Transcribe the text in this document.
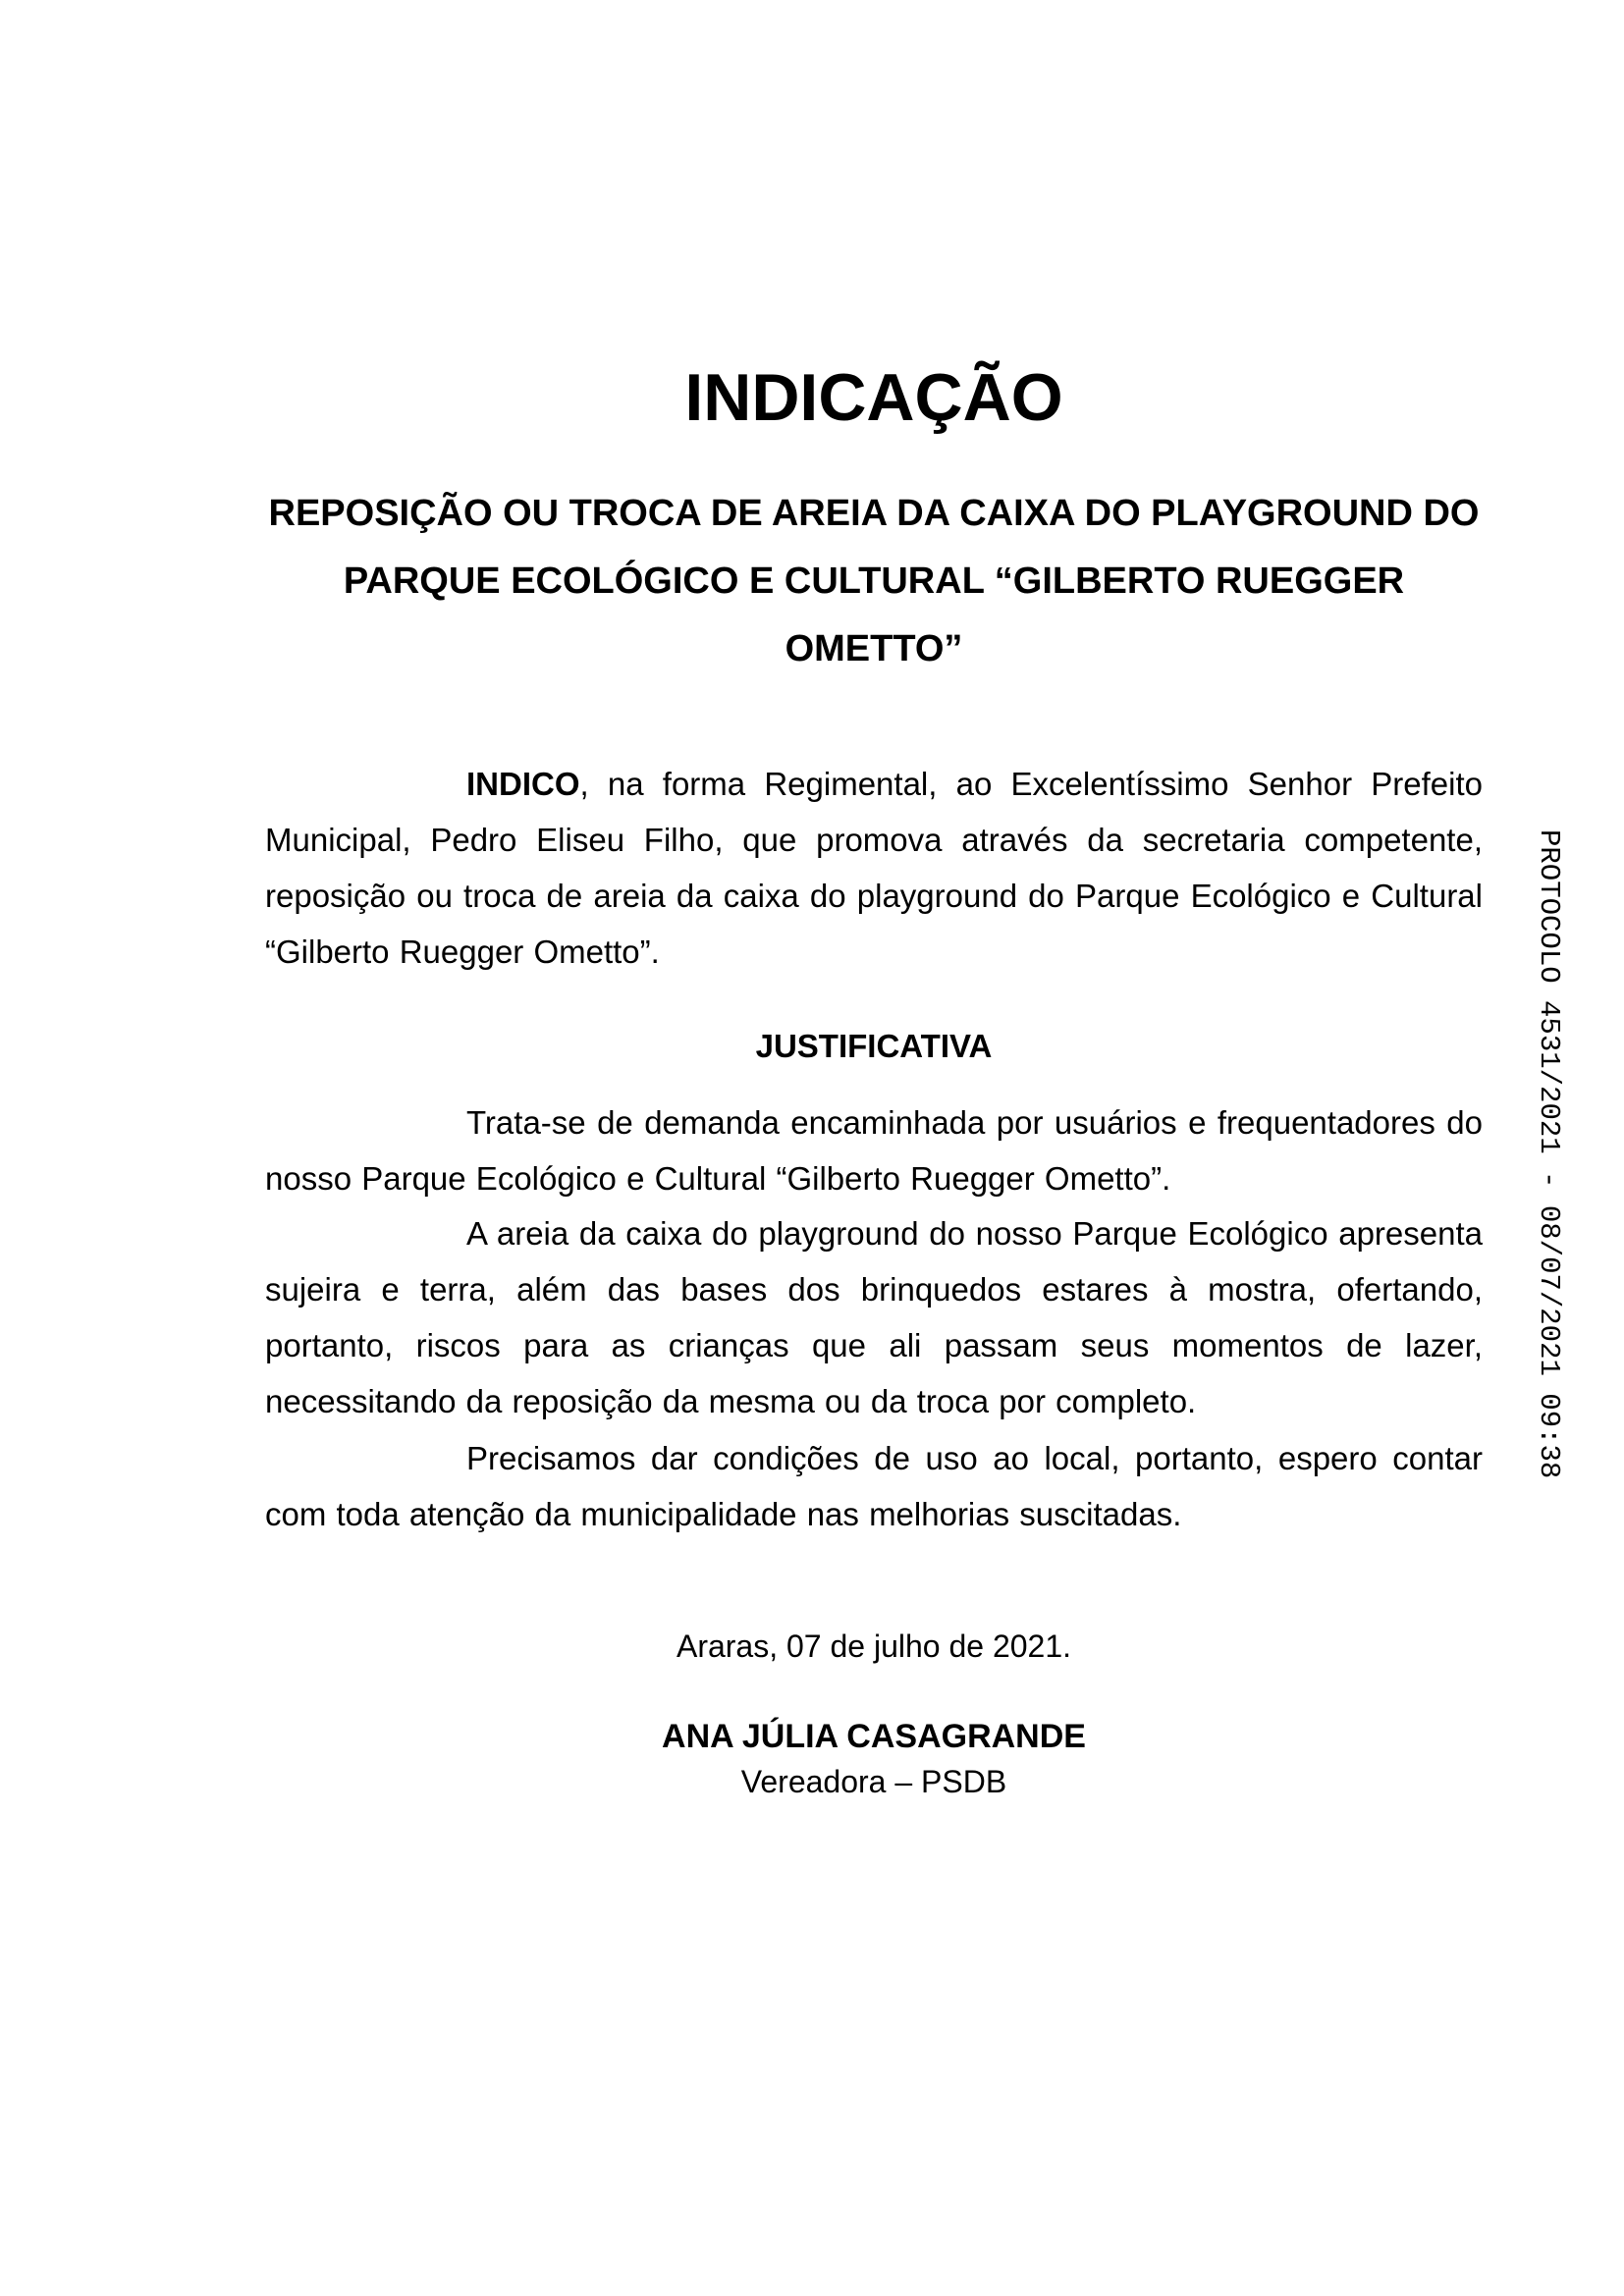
INDICAÇÃO
REPOSIÇÃO OU TROCA DE AREIA DA CAIXA DO PLAYGROUND DO PARQUE ECOLÓGICO E CULTURAL “GILBERTO RUEGGER OMETTO”

INDICO, na forma Regimental, ao Excelentíssimo Senhor Prefeito Municipal, Pedro Eliseu Filho, que promova através da secretaria competente, reposição ou troca de areia da caixa do playground do Parque Ecológico e Cultural “Gilberto Ruegger Ometto”.

JUSTIFICATIVA

Trata-se de demanda encaminhada por usuários e frequentadores do nosso Parque Ecológico e Cultural “Gilberto Ruegger Ometto”.

A areia da caixa do playground do nosso Parque Ecológico apresenta sujeira e terra, além das bases dos brinquedos estares à mostra, ofertando, portanto, riscos para as crianças que ali passam seus momentos de lazer, necessitando da reposição da mesma ou da troca por completo.

Precisamos dar condições de uso ao local, portanto, espero contar com toda atenção da municipalidade nas melhorias suscitadas.

Araras, 07 de julho de 2021.

ANA JÚLIA CASAGRANDE
Vereadora – PSDB
PROTOCOLO 4531/2021 - 08/07/2021 09:38
